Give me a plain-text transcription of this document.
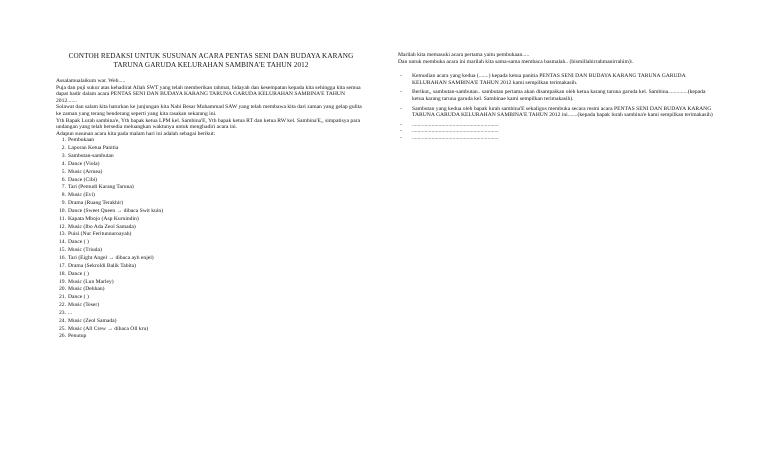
CONTOH REDAKSI UNTUK SUSUNAN ACARA PENTAS SENI DAN BUDAYA KARANG
TARUNA GARUDA KELURAHAN SAMBINA'E TAHUN 2012

Assalamualaikum war. Web.....

Puja dan puji sukur atas kehadirat Allah SWT yang telah memberikan rahmat, hidayah dan kesempatan kepada kita sehingga kita semua dapat hadir dalam acara PENTAS SENI DAN BUDAYA KARANG TARUNA GARUDA KELURAHAN SAMBINA'E TAHUN 2012.......

Solawat dan salam kita haturkan ke junjungan kita Nabi Besar Muhammad SAW yang telah membawa kita dari zaman yang gelap gulita ke zaman yang terang benderang seperti yang kita rasakan sekarang ini.

Yth Bapak Lurah sambina'e, Yth bapak ketua LPM kel. Sambina'E, Yth bapak ketua RT dan ketua RW kel. Sambina'E,, simpatisya para undangan yang telah bersedia meluangkan waktunya untuk menghadiri acara ini.

Adapun susunan acara kita pada malam hari ini adalah sebagai berikut:

1. Pembukaan
2. Laporan Ketua Panitia
3. Sambutan-sambutan
4. Dance (Viola)
5. Music (Armea)
6. Dance (Cibi)
7. Tari (Pemudi Karang Taruna)
8. Music (Evi)
9. Drama (Ruang Terakhir)
10. Dance (Sweet Queen → dibaca Swit kuin)
11. Kapata Mbojo (Asp Kurnindin)
12. Music (Ibo Ada Zeol Samada)
13. Puisi (Nur Feritunnuroayah)
14. Dance ( )
15. Music (Triuda)
16. Tari (Eight Angel → dibaca ayh enjel)
17. Drama (Sekroldi Balik Tabita)
18. Dance ( )
19. Music (Lun Marley)
20. Music (Dehhan)
21. Dance ( )
22. Music (Teser)
23. ...
24. Music (Zeol Samada)
25. Music (All Crew → dibaca Oll kru)
26. Penutup

Marilah kita memasuki acara pertama yaitu pembukaan.....

Dan untuk membuka acara ini marilah kita sama-sama membaca basmalah.. (bismillahirrahmanirrahim)\.

- Kemudian acara yang kedua (.......) kepada ketua panitia PENTAS SENI DAN BUDAYA KARANG TARUNA GARUDA KELURAHAN SAMBINA'E TAHUN 2012 kami sempilkan terimakasih.
- Berikut,, sambutan-sambutan.. sambutan pertama akan disampaikan oleh ketua karang taruna garuda kel. Sambina..............(kepada ketua karang taruna garuda kel. Sambinae kami sempilkan terimakasih).
- Sambutan yang kedua oleh bapak lurah sambina'E sekaligus membuka secara resmi acara PENTAS SENI DAN BUDAYA KARANG TARUNA GARUDA KELURAHAN SAMBINA'E TAHUN 2012 ini.......(kepada bapak lurah sambina'e kami sempilkan terimakasih)
- ..............................................................
- ..............................................................
- ..............................................................
